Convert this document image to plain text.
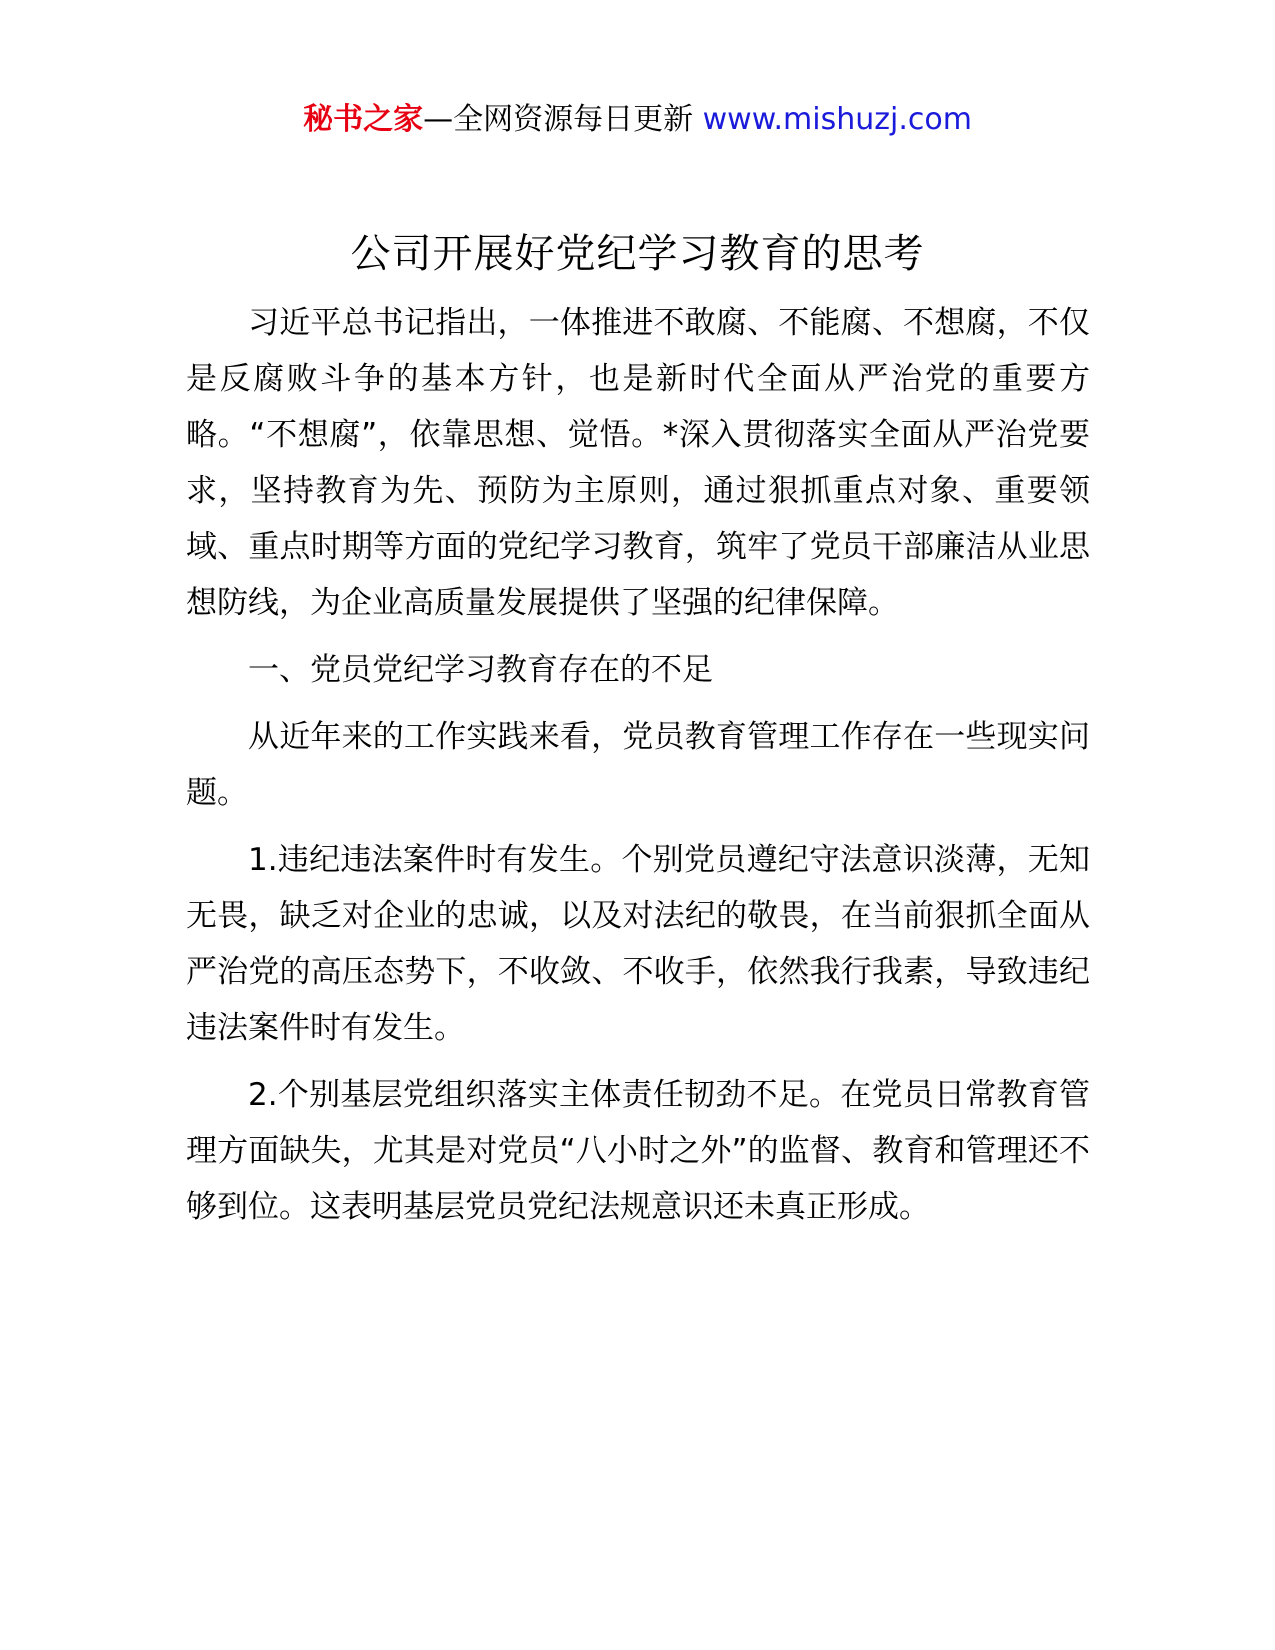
秘书之家—全网资源每日更新 www.mishuzj.com
公司开展好党纪学习教育的思考

习近平总书记指出，一体推进不敢腐、不能腐、不想腐，不仅是反腐败斗争的基本方针，也是新时代全面从严治党的重要方略。“不想腐”，依靠思想、觉悟。*深入贯彻落实全面从严治党要求，坚持教育为先、预防为主原则，通过狠抓重点对象、重要领域、重点时期等方面的党纪学习教育，筑牢了党员干部廉洁从业思想防线，为企业高质量发展提供了坚强的纪律保障。

一、党员党纪学习教育存在的不足

从近年来的工作实践来看，党员教育管理工作存在一些现实问题。

1.违纪违法案件时有发生。个别党员遵纪守法意识淡薄，无知无畏，缺乏对企业的忠诚，以及对法纪的敬畏，在当前狠抓全面从严治党的高压态势下，不收敛、不收手，依然我行我素，导致违纪违法案件时有发生。

2.个别基层党组织落实主体责任韧劲不足。在党员日常教育管理方面缺失，尤其是对党员“八小时之外”的监督、教育和管理还不够到位。这表明基层党员党纪法规意识还未真正形成。
